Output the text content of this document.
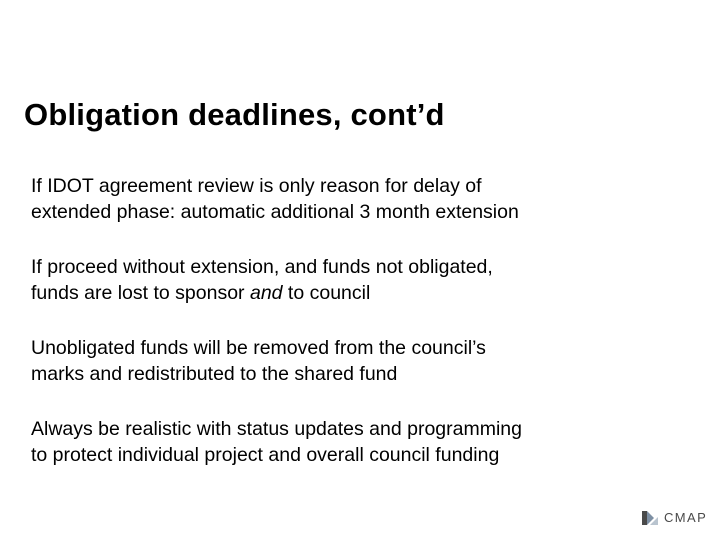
Obligation deadlines, cont’d
If IDOT agreement review is only reason for delay of
extended phase: automatic additional 3 month extension
If proceed without extension, and funds not obligated,
funds are lost to sponsor and to council
Unobligated funds will be removed from the council’s
marks and redistributed to the shared fund
Always be realistic with status updates and programming
to protect individual project and overall council funding
CMAP
